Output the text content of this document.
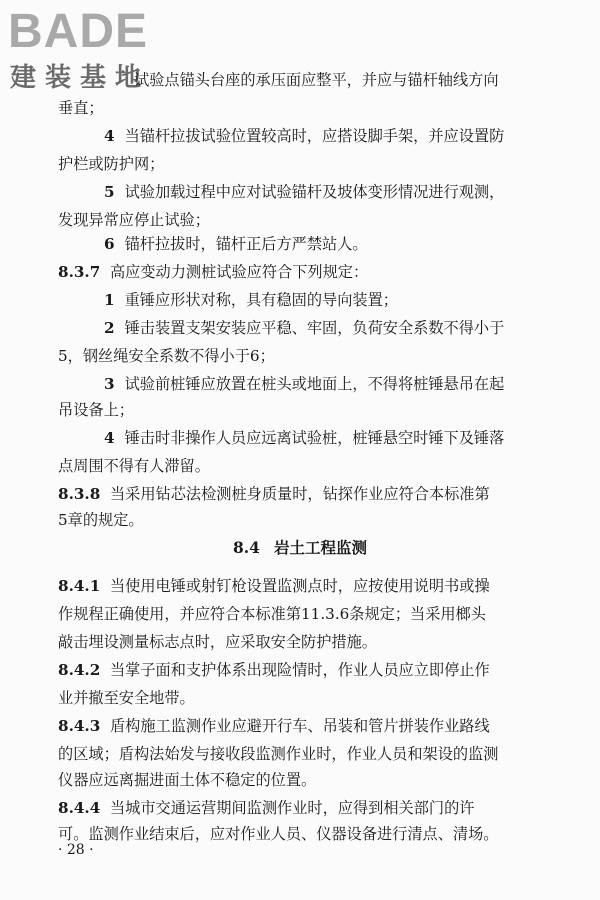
BADE
建装基地
试验点锚头台座的承压面应整平，并应与锚杆轴线方向
垂直；
4 当锚杆拉拔试验位置较高时，应搭设脚手架，并应设置防
护栏或防护网；
5 试验加载过程中应对试验锚杆及坡体变形情况进行观测，
发现异常应停止试验；
6 锚杆拉拔时，锚杆正后方严禁站人。
8.3.7 高应变动力测桩试验应符合下列规定：
1 重锤应形状对称，具有稳固的导向装置；
2 锤击装置支架安装应平稳、牢固，负荷安全系数不得小于
5，钢丝绳安全系数不得小于6；
3 试验前桩锤应放置在桩头或地面上，不得将桩锤悬吊在起
吊设备上；
4 锤击时非操作人员应远离试验桩，桩锤悬空时锤下及锤落
点周围不得有人滞留。
8.3.8 当采用钻芯法检测桩身质量时，钻探作业应符合本标准第
5章的规定。
8.4 岩土工程监测
8.4.1 当使用电锤或射钉枪设置监测点时，应按使用说明书或操
作规程正确使用，并应符合本标准第11.3.6条规定；当采用榔头
敲击埋设测量标志点时，应采取安全防护措施。
8.4.2 当掌子面和支护体系出现险情时，作业人员应立即停止作
业并撤至安全地带。
8.4.3 盾构施工监测作业应避开行车、吊装和管片拼装作业路线
的区域；盾构法始发与接收段监测作业时，作业人员和架设的监测
仪器应远离掘进面土体不稳定的位置。
8.4.4 当城市交通运营期间监测作业时，应得到相关部门的许
可。监测作业结束后，应对作业人员、仪器设备进行清点、清场。
· 28 ·
